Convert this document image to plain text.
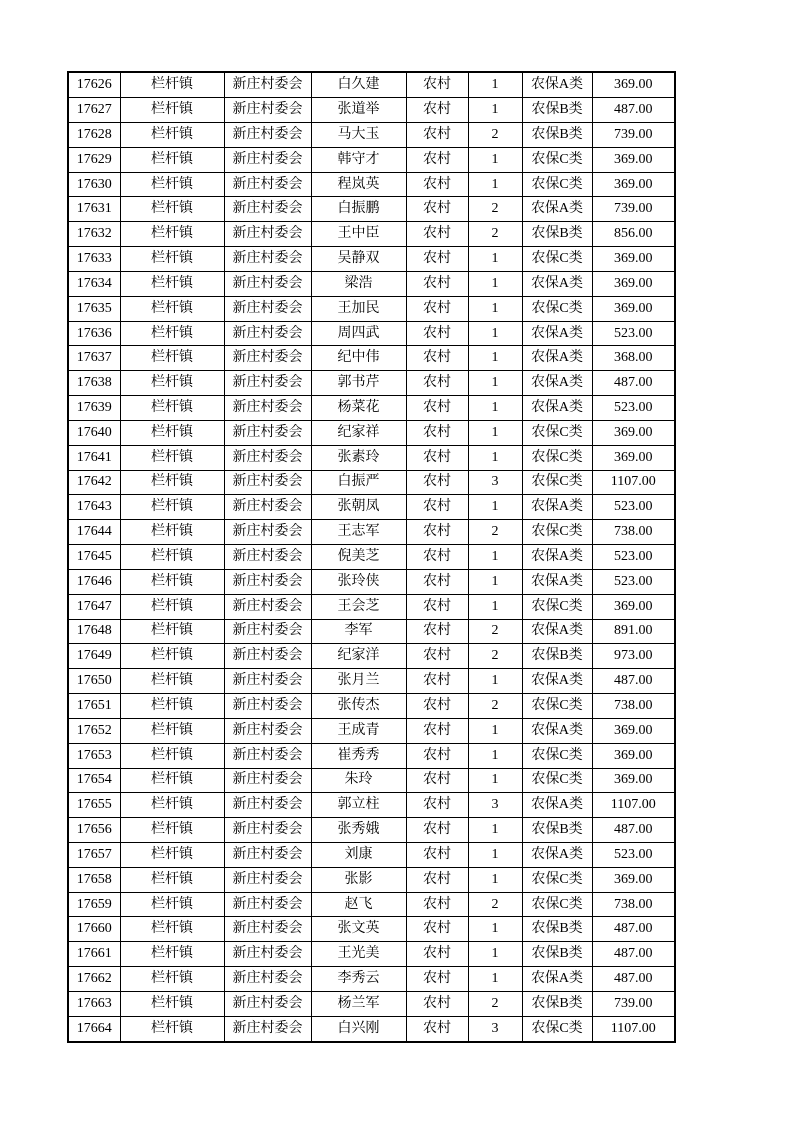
17626	栏杆镇	新庄村委会	白久建	农村	1	农保A类	369.00
17627	栏杆镇	新庄村委会	张道举	农村	1	农保B类	487.00
17628	栏杆镇	新庄村委会	马大玉	农村	2	农保B类	739.00
17629	栏杆镇	新庄村委会	韩守才	农村	1	农保C类	369.00
17630	栏杆镇	新庄村委会	程岚英	农村	1	农保C类	369.00
17631	栏杆镇	新庄村委会	白振鹏	农村	2	农保A类	739.00
17632	栏杆镇	新庄村委会	王中臣	农村	2	农保B类	856.00
17633	栏杆镇	新庄村委会	吴静双	农村	1	农保C类	369.00
17634	栏杆镇	新庄村委会	梁浩	农村	1	农保A类	369.00
17635	栏杆镇	新庄村委会	王加民	农村	1	农保C类	369.00
17636	栏杆镇	新庄村委会	周四武	农村	1	农保A类	523.00
17637	栏杆镇	新庄村委会	纪中伟	农村	1	农保A类	368.00
17638	栏杆镇	新庄村委会	郭书芹	农村	1	农保A类	487.00
17639	栏杆镇	新庄村委会	杨菜花	农村	1	农保A类	523.00
17640	栏杆镇	新庄村委会	纪家祥	农村	1	农保C类	369.00
17641	栏杆镇	新庄村委会	张素玲	农村	1	农保C类	369.00
17642	栏杆镇	新庄村委会	白振严	农村	3	农保C类	1107.00
17643	栏杆镇	新庄村委会	张朝凤	农村	1	农保A类	523.00
17644	栏杆镇	新庄村委会	王志军	农村	2	农保C类	738.00
17645	栏杆镇	新庄村委会	倪美芝	农村	1	农保A类	523.00
17646	栏杆镇	新庄村委会	张玲侠	农村	1	农保A类	523.00
17647	栏杆镇	新庄村委会	王会芝	农村	1	农保C类	369.00
17648	栏杆镇	新庄村委会	李军	农村	2	农保A类	891.00
17649	栏杆镇	新庄村委会	纪家洋	农村	2	农保B类	973.00
17650	栏杆镇	新庄村委会	张月兰	农村	1	农保A类	487.00
17651	栏杆镇	新庄村委会	张传杰	农村	2	农保C类	738.00
17652	栏杆镇	新庄村委会	王成青	农村	1	农保A类	369.00
17653	栏杆镇	新庄村委会	崔秀秀	农村	1	农保C类	369.00
17654	栏杆镇	新庄村委会	朱玲	农村	1	农保C类	369.00
17655	栏杆镇	新庄村委会	郭立柱	农村	3	农保A类	1107.00
17656	栏杆镇	新庄村委会	张秀娥	农村	1	农保B类	487.00
17657	栏杆镇	新庄村委会	刘康	农村	1	农保A类	523.00
17658	栏杆镇	新庄村委会	张影	农村	1	农保C类	369.00
17659	栏杆镇	新庄村委会	赵飞	农村	2	农保C类	738.00
17660	栏杆镇	新庄村委会	张文英	农村	1	农保B类	487.00
17661	栏杆镇	新庄村委会	王光美	农村	1	农保B类	487.00
17662	栏杆镇	新庄村委会	李秀云	农村	1	农保A类	487.00
17663	栏杆镇	新庄村委会	杨兰军	农村	2	农保B类	739.00
17664	栏杆镇	新庄村委会	白兴刚	农村	3	农保C类	1107.00
